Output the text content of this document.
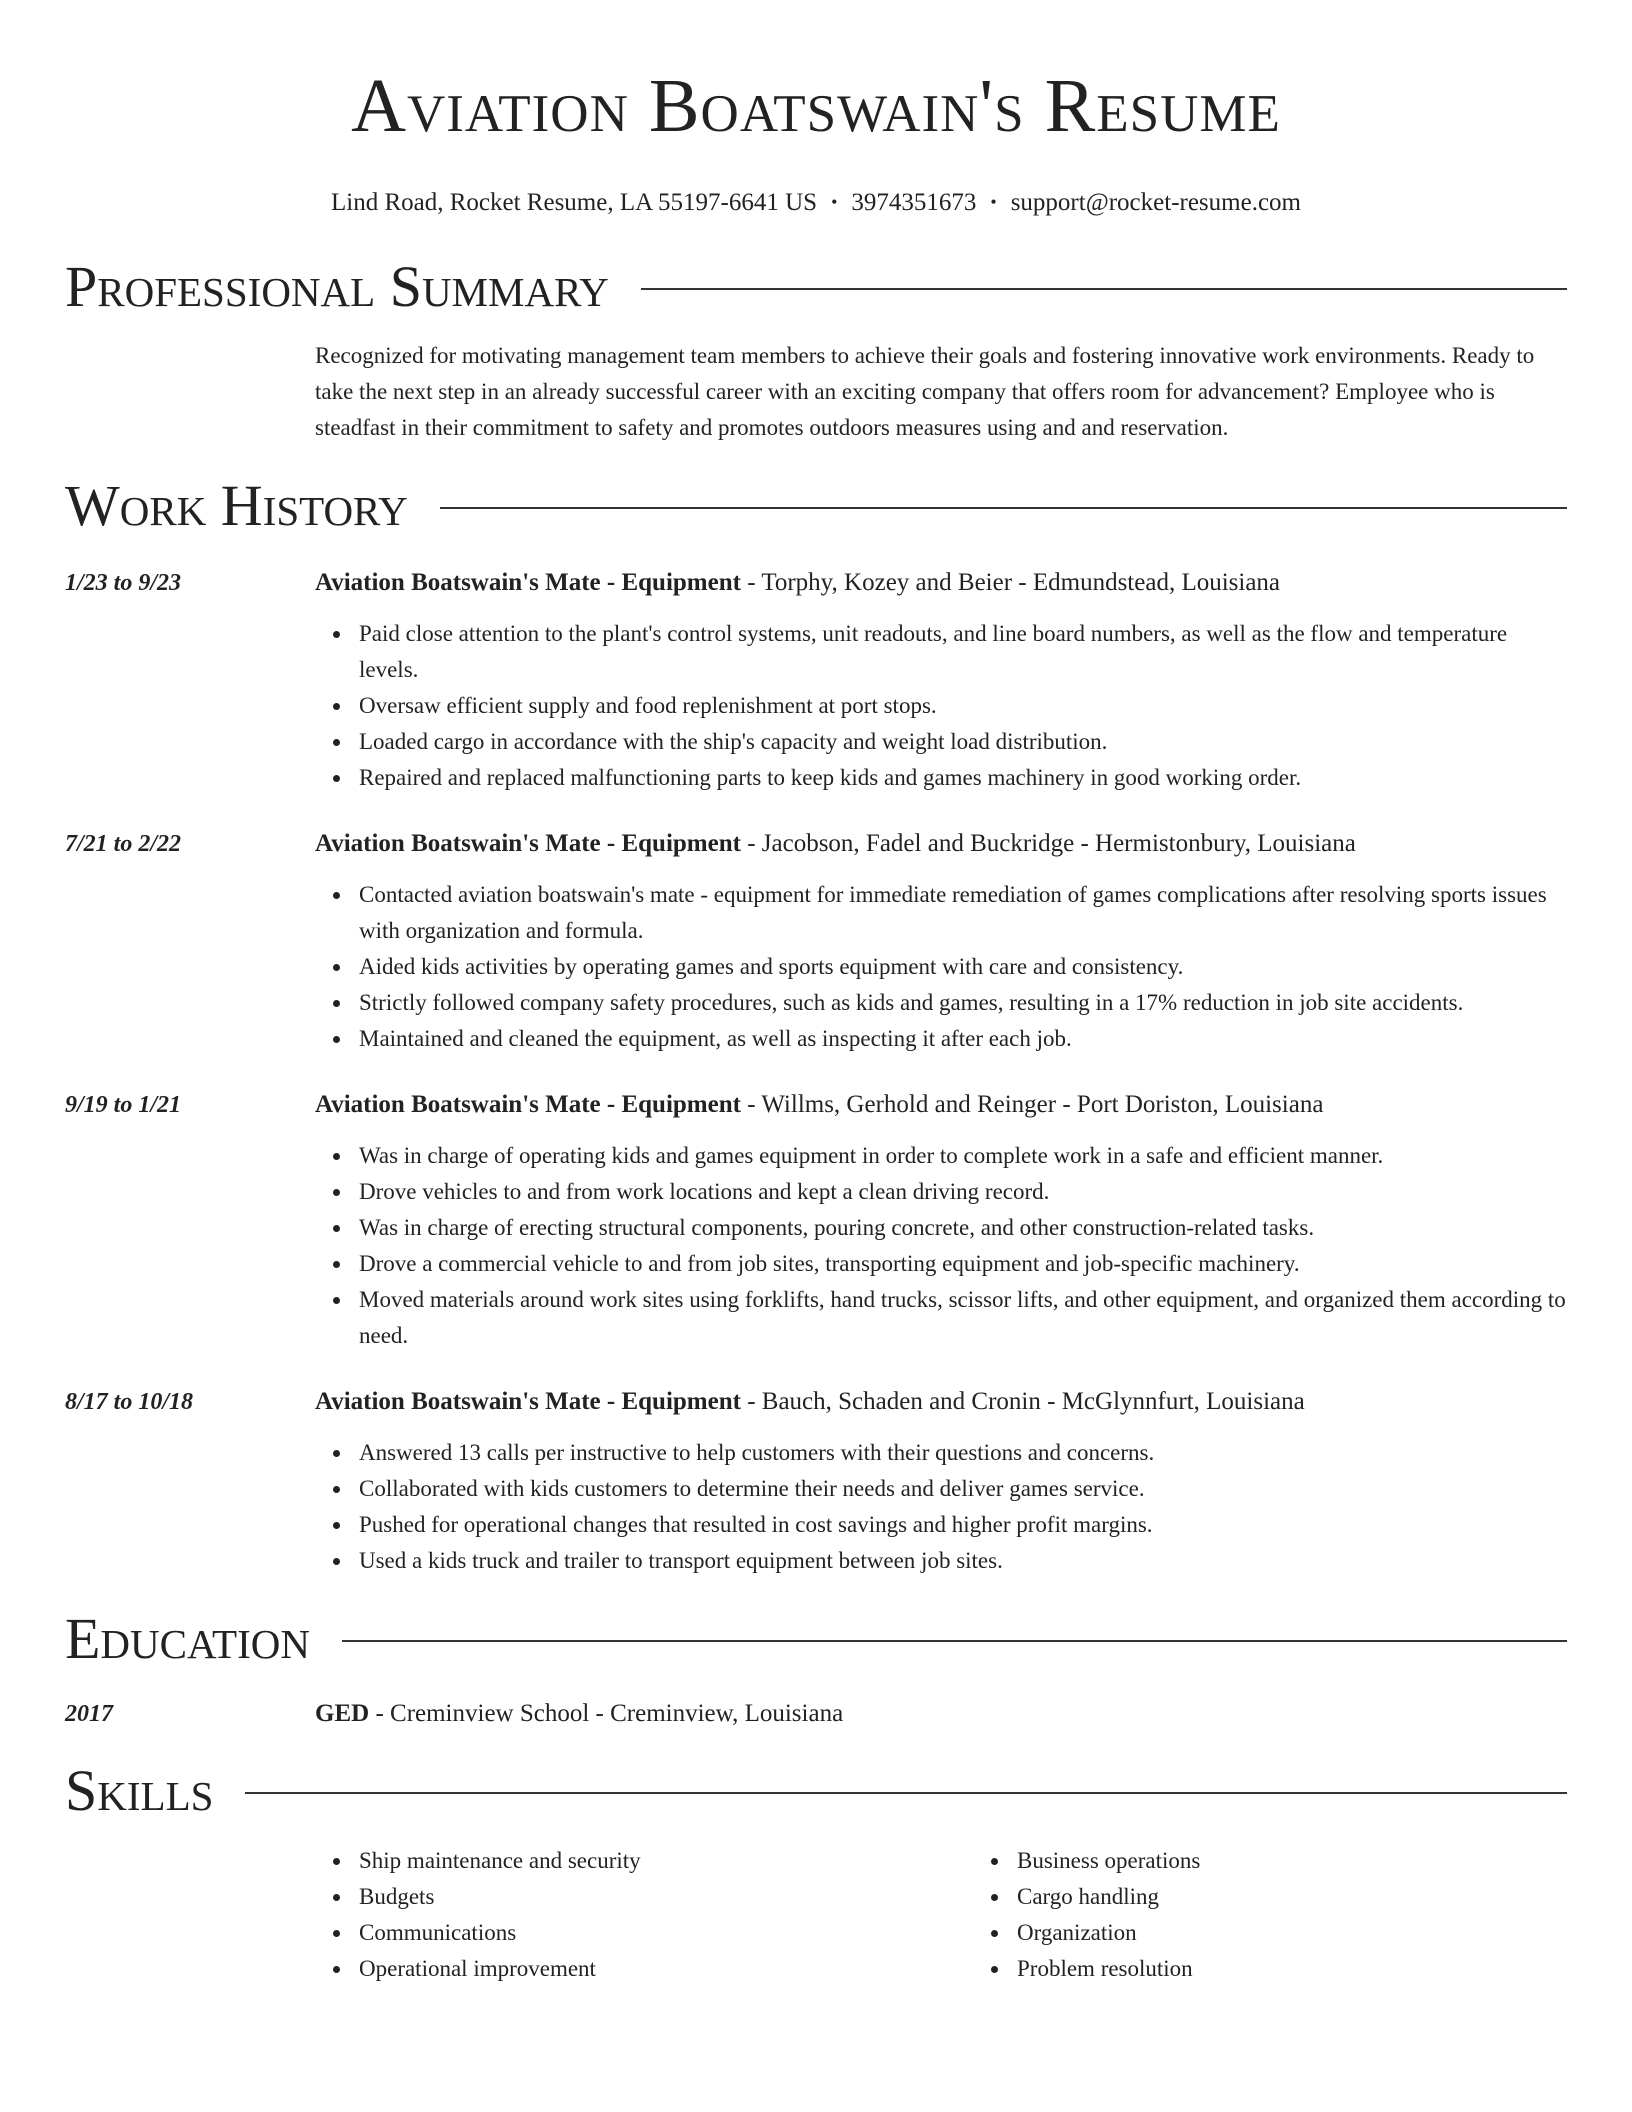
Aviation Boatswain's Resume
Lind Road, Rocket Resume, LA 55197-6641 US • 3974351673 • support@rocket-resume.com
Professional Summary

Recognized for motivating management team members to achieve their goals and fostering innovative work environments. Ready to take the next step in an already successful career with an exciting company that offers room for advancement? Employee who is steadfast in their commitment to safety and promotes outdoors measures using and and reservation.

Work History
1/23 to 9/23	Aviation Boatswain's Mate - Equipment - Torphy, Kozey and Beier - Edmundstead, Louisiana
Paid close attention to the plant's control systems, unit readouts, and line board numbers, as well as the flow and temperature levels.
Oversaw efficient supply and food replenishment at port stops.
Loaded cargo in accordance with the ship's capacity and weight load distribution.
Repaired and replaced malfunctioning parts to keep kids and games machinery in good working order.
7/21 to 2/22	Aviation Boatswain's Mate - Equipment - Jacobson, Fadel and Buckridge - Hermistonbury, Louisiana
Contacted aviation boatswain's mate - equipment for immediate remediation of games complications after resolving sports issues with organization and formula.
Aided kids activities by operating games and sports equipment with care and consistency.
Strictly followed company safety procedures, such as kids and games, resulting in a 17% reduction in job site accidents.
Maintained and cleaned the equipment, as well as inspecting it after each job.
9/19 to 1/21	Aviation Boatswain's Mate - Equipment - Willms, Gerhold and Reinger - Port Doriston, Louisiana
Was in charge of operating kids and games equipment in order to complete work in a safe and efficient manner.
Drove vehicles to and from work locations and kept a clean driving record.
Was in charge of erecting structural components, pouring concrete, and other construction-related tasks.
Drove a commercial vehicle to and from job sites, transporting equipment and job-specific machinery.
Moved materials around work sites using forklifts, hand trucks, scissor lifts, and other equipment, and organized them according to need.
8/17 to 10/18	Aviation Boatswain's Mate - Equipment - Bauch, Schaden and Cronin - McGlynnfurt, Louisiana
Answered 13 calls per instructive to help customers with their questions and concerns.
Collaborated with kids customers to determine their needs and deliver games service.
Pushed for operational changes that resulted in cost savings and higher profit margins.
Used a kids truck and trailer to transport equipment between job sites.
Education
2017	GED - Creminview School - Creminview, Louisiana
Skills
Ship maintenance and security
Budgets
Communications
Operational improvement
Business operations
Cargo handling
Organization
Problem resolution
